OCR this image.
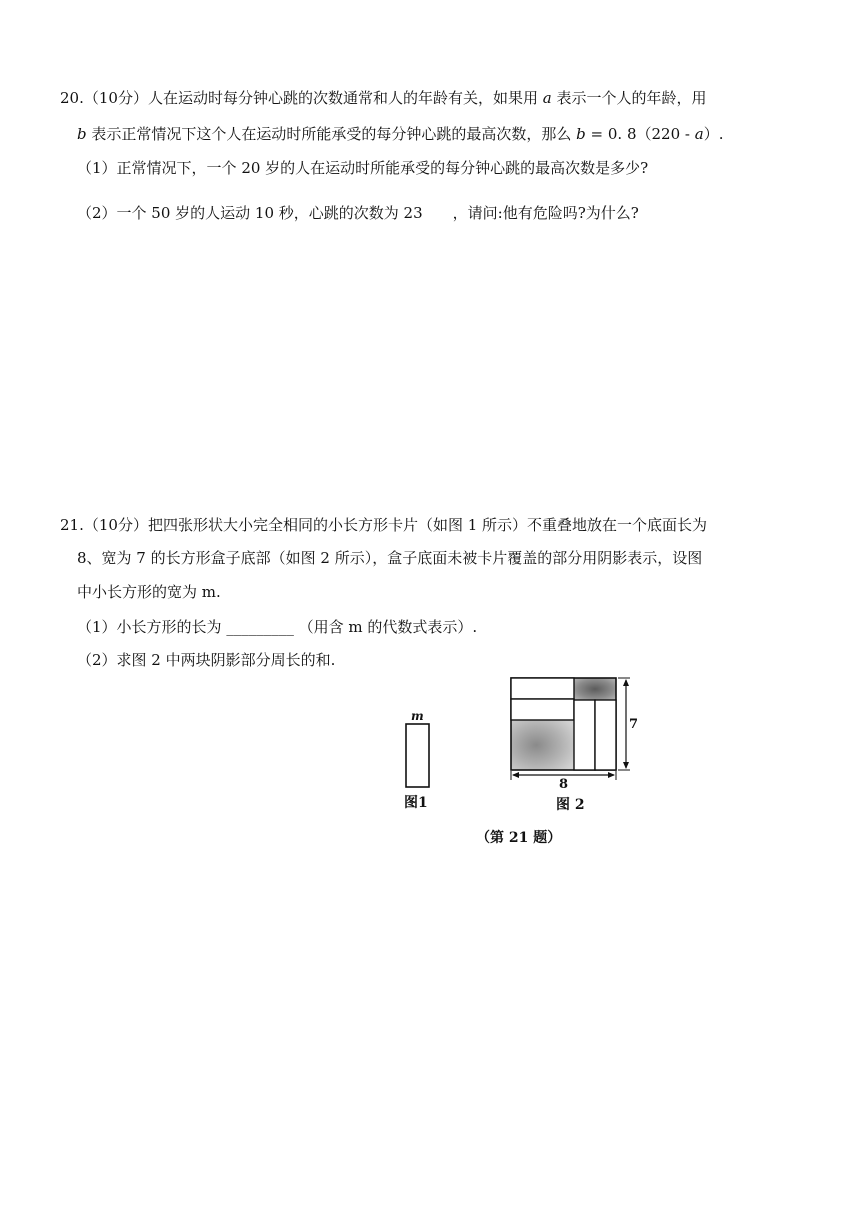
20.（10分）人在运动时每分钟心跳的次数通常和人的年龄有关，如果用 a 表示一个人的年龄，用
b 表示正常情况下这个人在运动时所能承受的每分钟心跳的最高次数，那么 b = 0. 8（220 - a）.
（1）正常情况下，一个 20 岁的人在运动时所能承受的每分钟心跳的最高次数是多少?
（2）一个 50 岁的人运动 10 秒，心跳的次数为 23 ，请问:他有危险吗?为什么?
21.（10分）把四张形状大小完全相同的小长方形卡片（如图 1 所示）不重叠地放在一个底面长为
8、宽为 7 的长方形盒子底部（如图 2 所示），盒子底面未被卡片覆盖的部分用阴影表示，设图
中小长方形的宽为 m.
（1）小长方形的长为 _________ （用含 m 的代数式表示）.
（2）求图 2 中两块阴影部分周长的和.
m
图1
7
8
图 2
（第 21 题）
